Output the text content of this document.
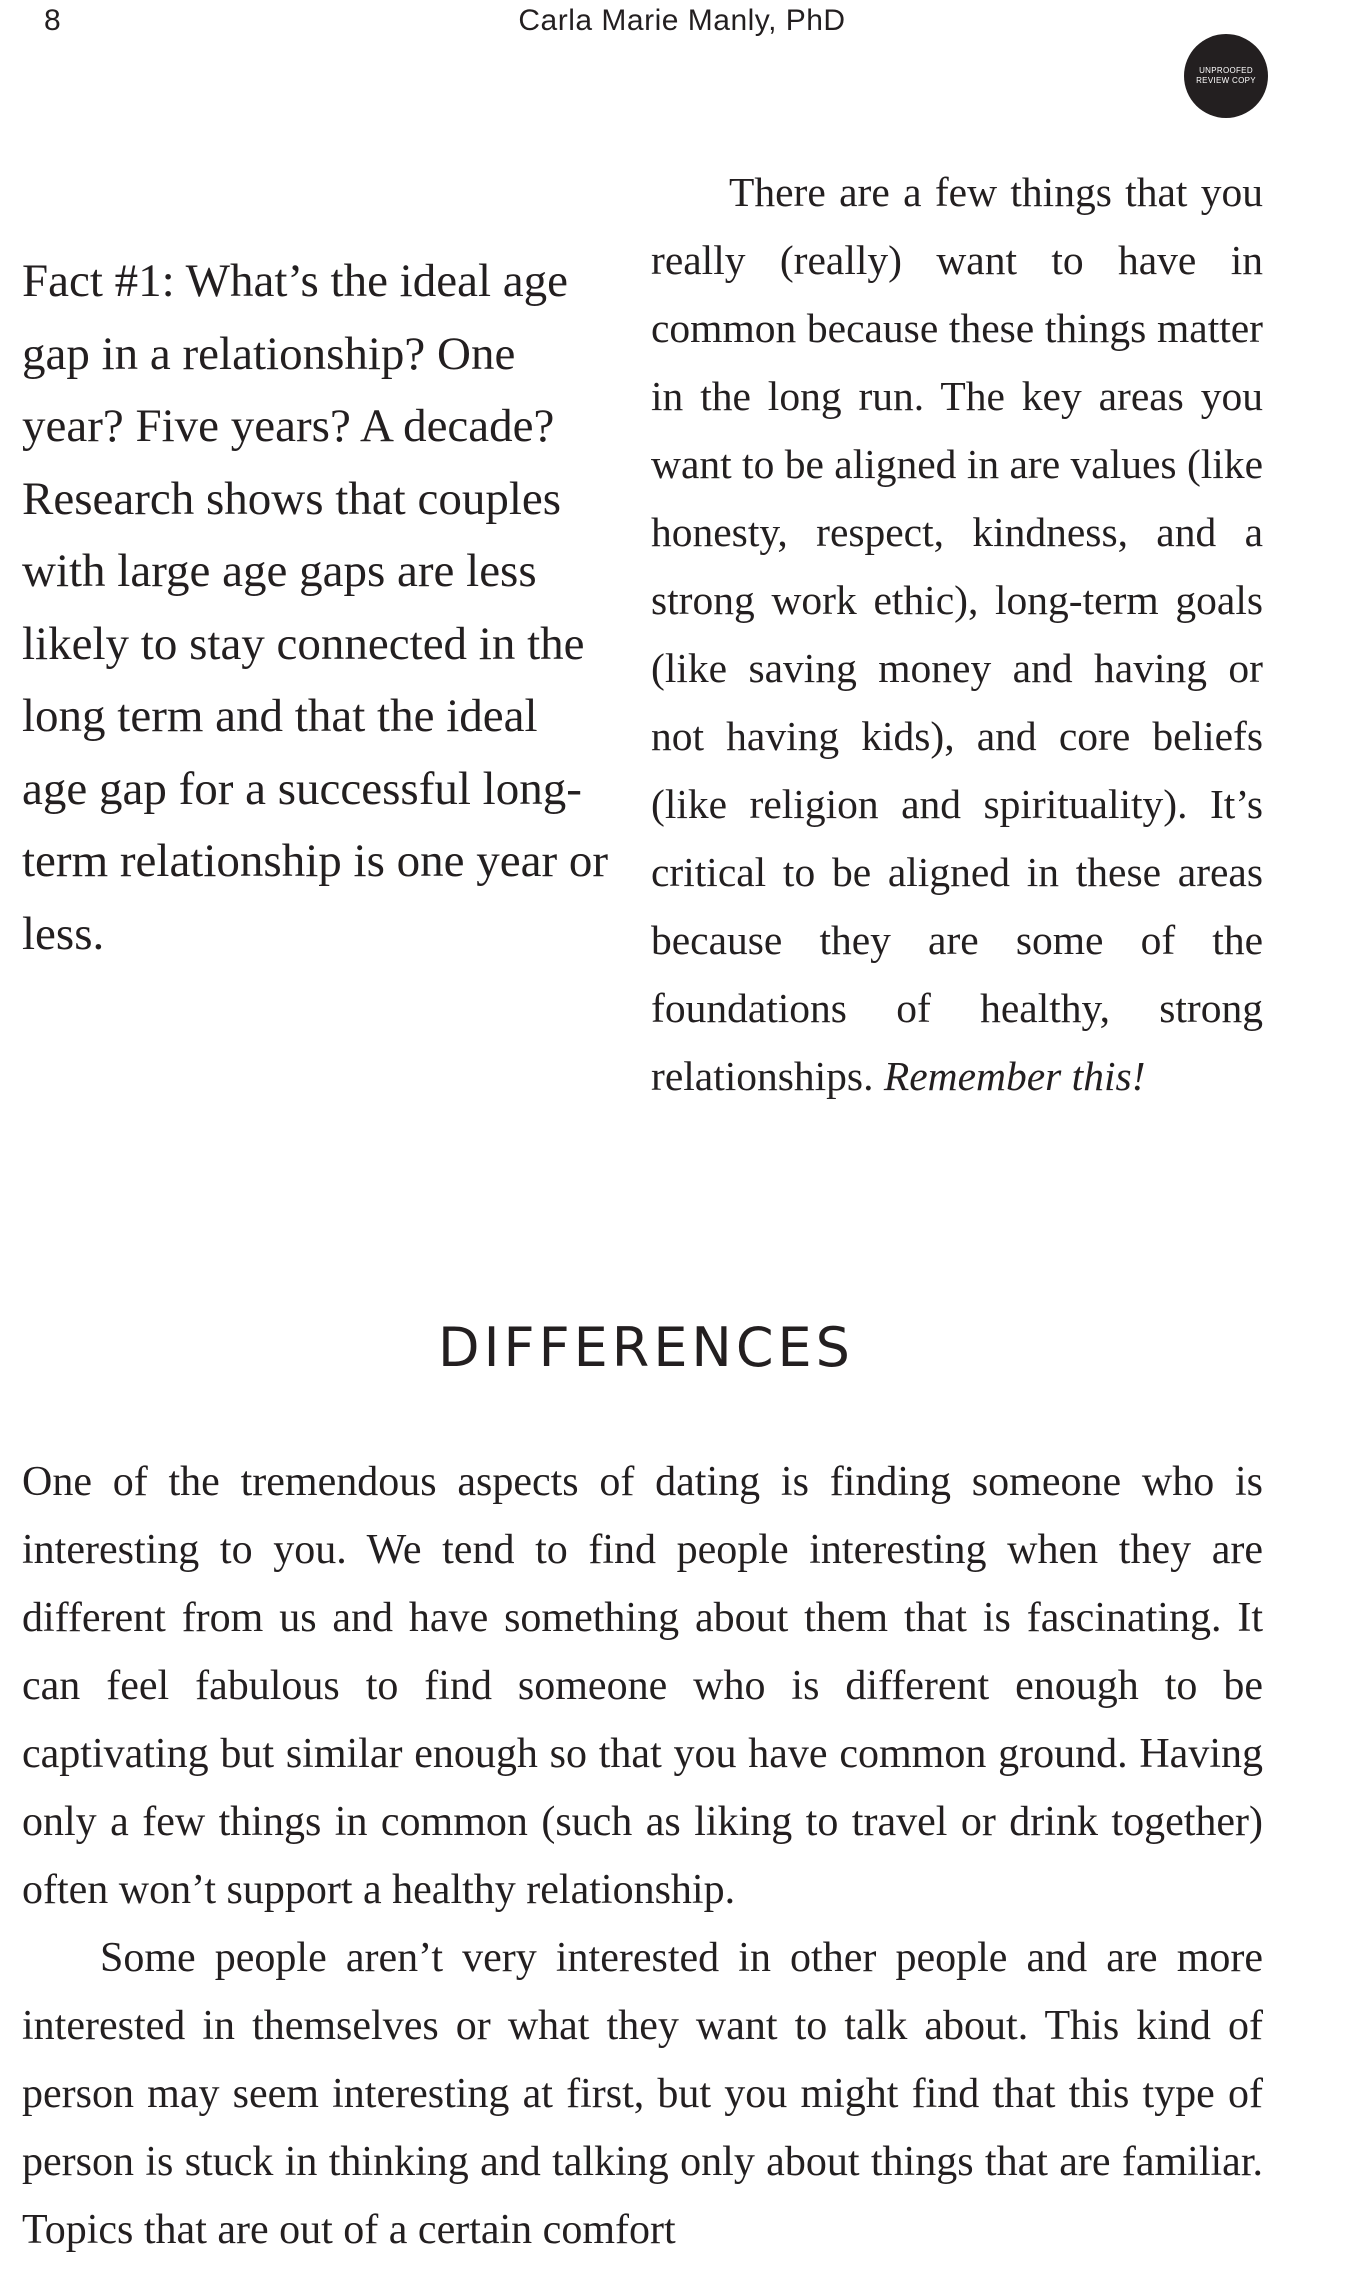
8	Carla Marie Manly, PhD
UNPROOFED
REVIEW COPY
Fact #1: What’s the ideal age gap in a relationship? One year? Five years? A decade? Research shows that couples with large age gaps are less likely to stay connected in the long term and that the ideal age gap for a successful long-term relationship is one year or less.
There are a few things that you really (really) want to have in common because these things matter in the long run. The key areas you want to be aligned in are values (like honesty, respect, kindness, and a strong work ethic), long-term goals (like saving money and having or not having kids), and core beliefs (like religion and spirituality). It’s critical to be aligned in these areas because they are some of the foundations of healthy, strong relationships. Remember this!
DIFFERENCES

One of the tremendous aspects of dating is finding someone who is interesting to you. We tend to find people interesting when they are different from us and have something about them that is fascinating. It can feel fabulous to find someone who is different enough to be captivating but similar enough so that you have common ground. Having only a few things in common (such as liking to travel or drink together) often won’t support a healthy relationship.

Some people aren’t very interested in other people and are more interested in themselves or what they want to talk about. This kind of person may seem interesting at first, but you might find that this type of person is stuck in thinking and talking only about things that are familiar. Topics that are out of a certain comfort
